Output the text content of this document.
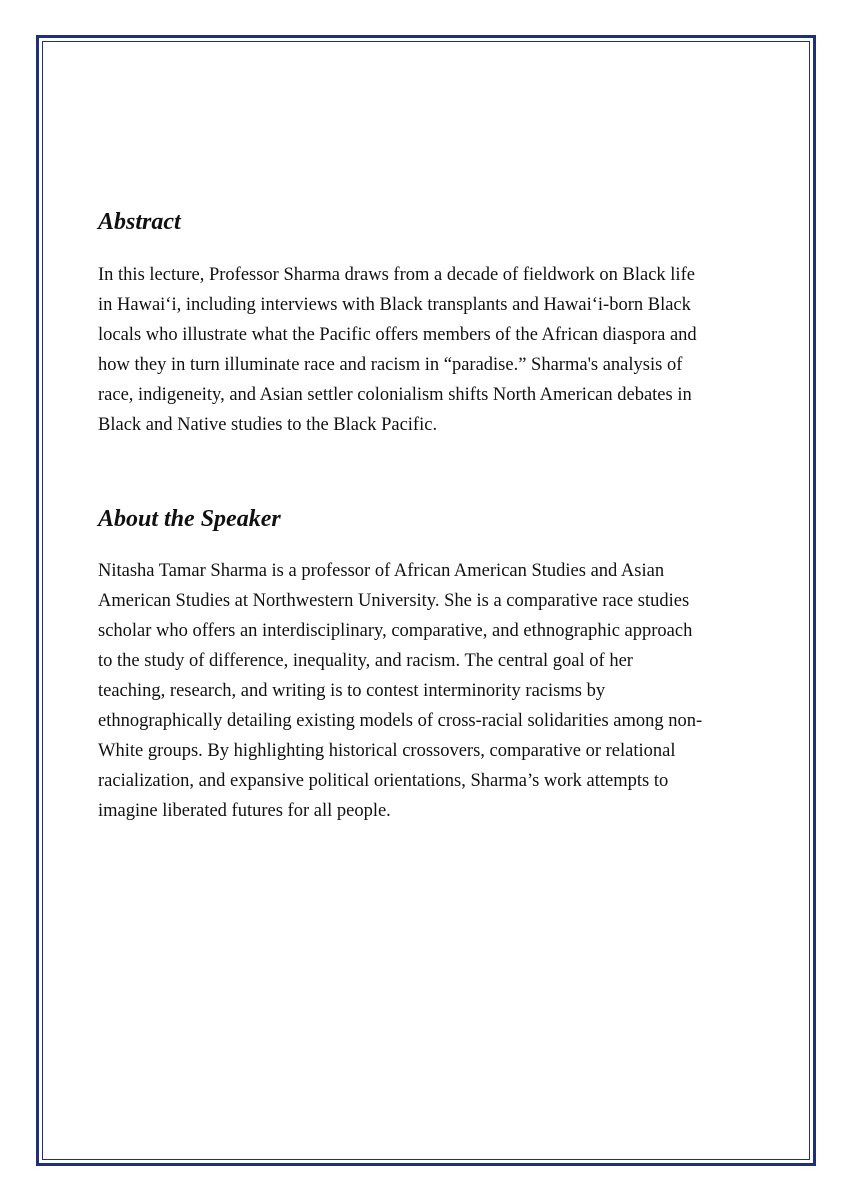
Abstract

In this lecture, Professor Sharma draws from a decade of fieldwork on Black life
in Hawai‘i, including interviews with Black transplants and Hawai‘i-born Black
locals who illustrate what the Pacific offers members of the African diaspora and
how they in turn illuminate race and racism in “paradise.” Sharma's analysis of
race, indigeneity, and Asian settler colonialism shifts North American debates in
Black and Native studies to the Black Pacific.

About the Speaker

Nitasha Tamar Sharma is a professor of African American Studies and Asian
American Studies at Northwestern University. She is a comparative race studies
scholar who offers an interdisciplinary, comparative, and ethnographic approach
to the study of difference, inequality, and racism. The central goal of her
teaching, research, and writing is to contest interminority racisms by
ethnographically detailing existing models of cross-racial solidarities among non-
White groups. By highlighting historical crossovers, comparative or relational
racialization, and expansive political orientations, Sharma’s work attempts to
imagine liberated futures for all people.
